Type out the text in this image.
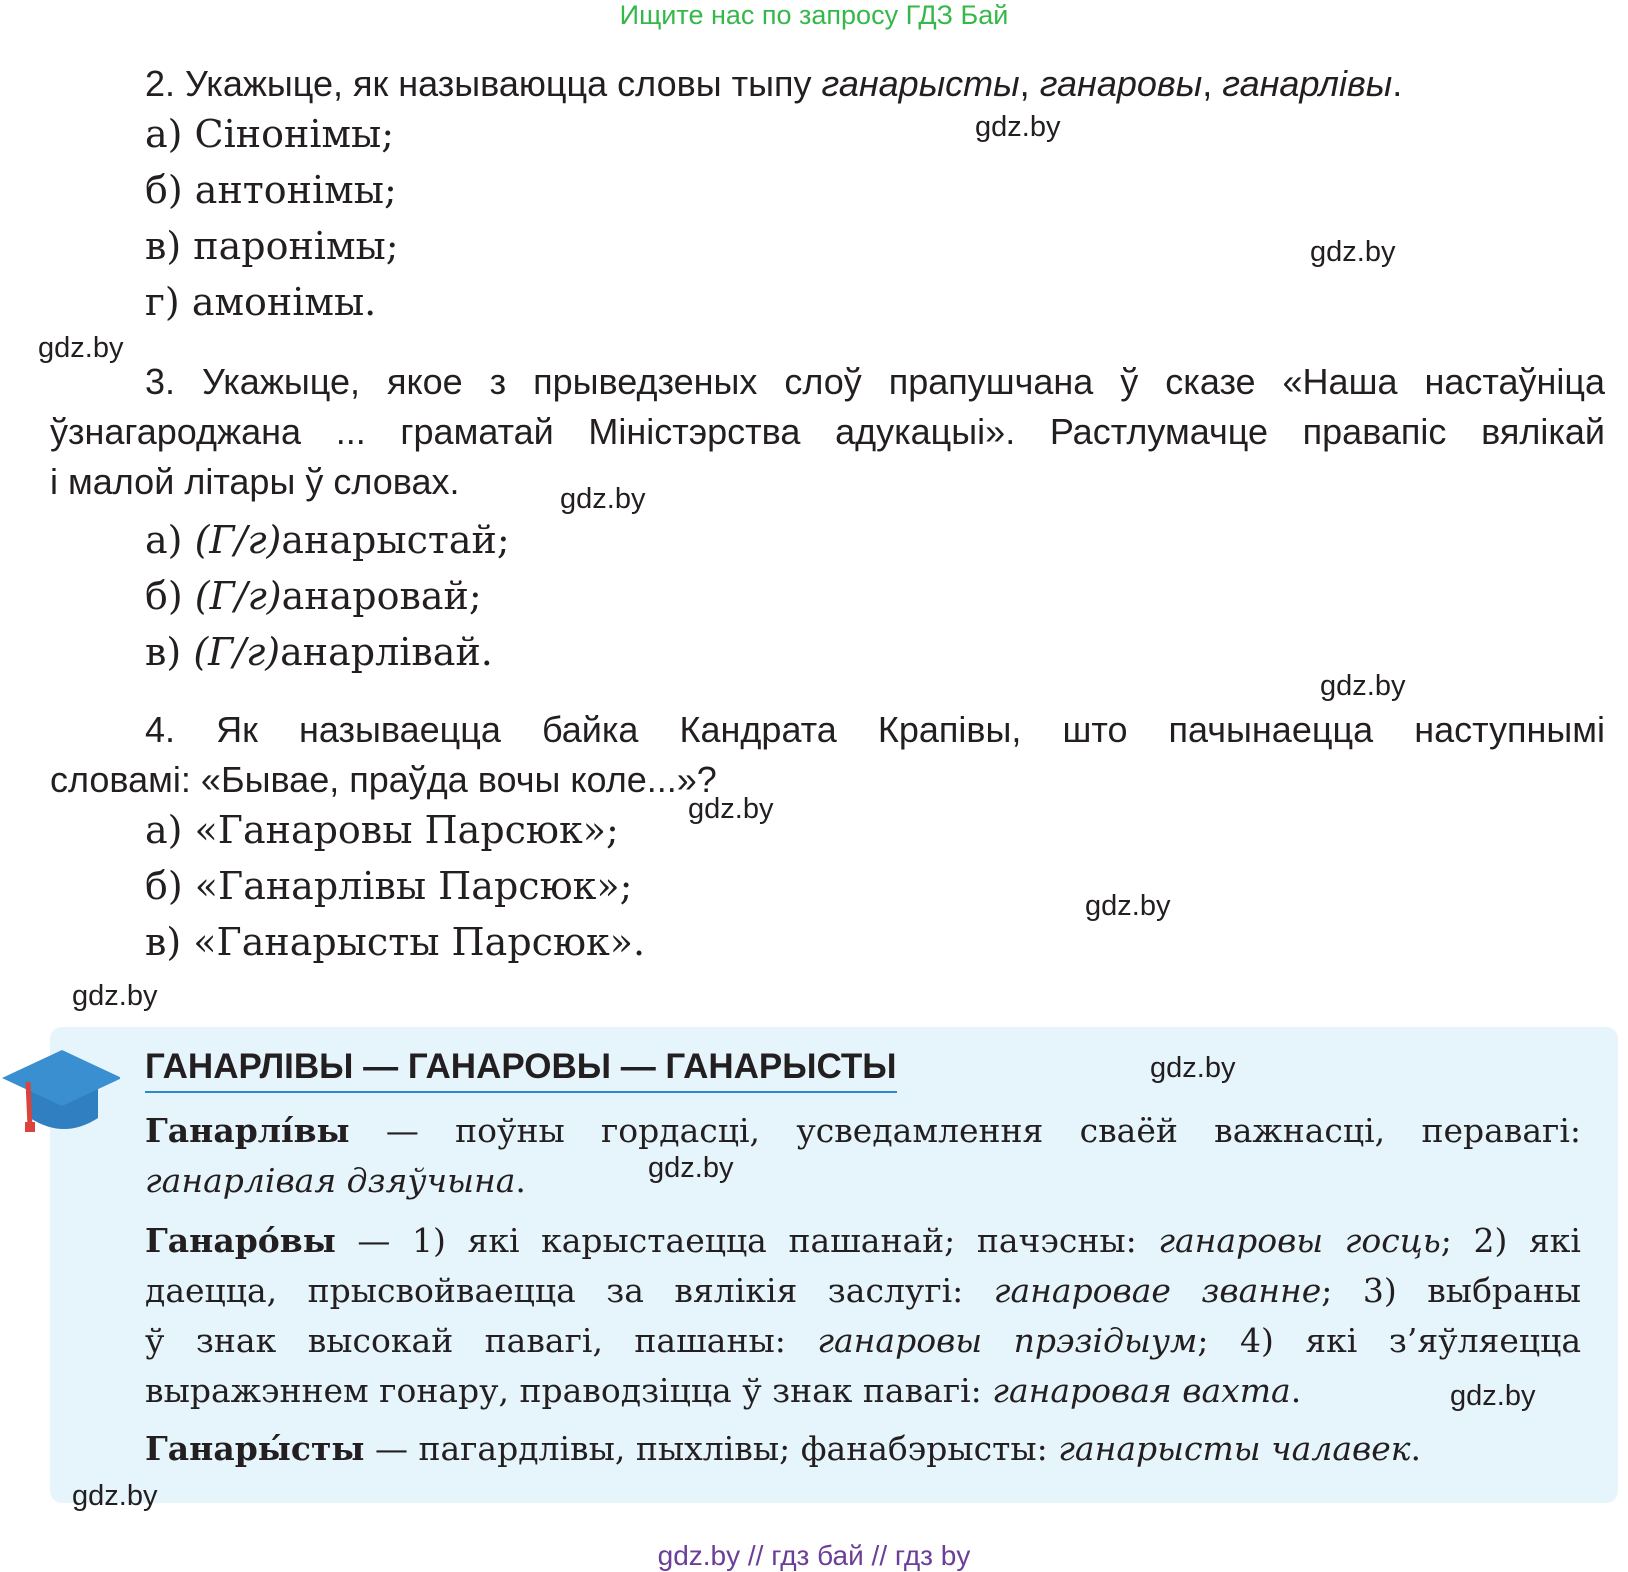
Ищите нас по запросу ГДЗ Бай
2. Укажыце, як называюцца словы тыпу ганарысты, ганаровы, ганарлівы.
а) Сінонімы;
б) антонімы;
в) паронімы;
г) амонімы.
3. Укажыце, якое з прыведзеных слоў прапушчана ў сказе «Наша настаўніца
ўзнагароджана ... граматай Міністэрства адукацыі». Растлумачце правапіс вялікай
і малой літары ў словах.
а) (Г/г)анарыстай;
б) (Г/г)анаровай;
в) (Г/г)анарлівай.
4. Як называецца байка Кандрата Крапівы, што пачынаецца наступнымі
словамі: «Бывае, праўда вочы коле...»?
а) «Ганаровы Парсюк»;
б) «Ганарлівы Парсюк»;
в) «Ганарысты Парсюк».
ГАНАРЛІВЫ — ГАНАРОВЫ — ГАНАРЫСТЫ
Ганарлі́вы — поўны гордасці, усведамлення сваёй важнасці, перавагі:
ганарлівая дзяўчына.
Ганаро́вы — 1) які карыстаецца пашанай; пачэсны: ганаровы госць; 2) які
даецца, прысвойваецца за вялікія заслугі: ганаровае званне; 3) выбраны
ў знак высокай павагі, пашаны: ганаровы прэзідыум; 4) які з’яўляецца
выражэннем гонару, праводзіцца ў знак павагі: ганаровая вахта.
Ганары́сты — пагардлівы, пыхлівы; фанабэрысты: ганарысты чалавек.
gdz.by
gdz.by
gdz.by
gdz.by
gdz.by
gdz.by
gdz.by
gdz.by
gdz.by
gdz.by
gdz.by
gdz.by
gdz.by // гдз бай // гдз by
